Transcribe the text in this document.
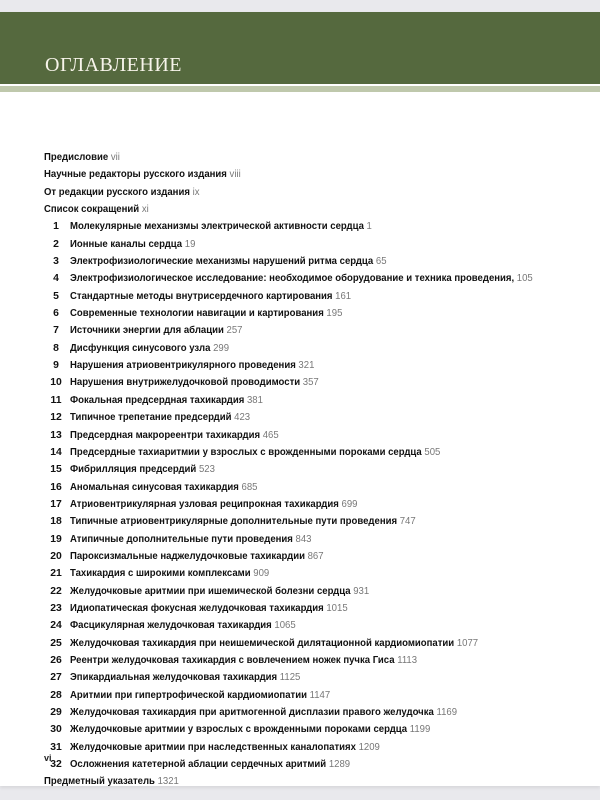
ОГЛАВЛЕНИЕ
Предисловие vii
Научные редакторы русского издания viii
От редакции русского издания ix
Список сокращений xi
1	Молекулярные механизмы электрической активности сердца 1
2	Ионные каналы сердца 19
3	Электрофизиологические механизмы нарушений ритма сердца 65
4	Электрофизиологическое исследование: необходимое оборудование и техника проведения, 105
5	Стандартные методы внутрисердечного картирования 161
6	Современные технологии навигации и картирования 195
7	Источники энергии для аблации 257
8	Дисфункция синусового узла 299
9	Нарушения атриовентрикулярного проведения 321
10 Нарушения внутрижелудочковой проводимости 357
11 Фокальная предсердная тахикардия 381
12 Типичное трепетание предсердий 423
13 Предсердная макрореентри тахикардия 465
14 Предсердные тахиаритмии у взрослых с врожденными пороками сердца 505
15 Фибрилляция предсердий 523
16 Аномальная синусовая тахикардия 685
17 Атриовентрикулярная узловая реципрокная тахикардия 699
18 Типичные атриовентрикулярные дополнительные пути проведения 747
19 Атипичные дополнительные пути проведения 843
20 Пароксизмальные наджелудочковые тахикардии 867
21 Тахикардия с широкими комплексами 909
22 Желудочковые аритмии при ишемической болезни сердца 931
23 Идиопатическая фокусная желудочковая тахикардия 1015
24 Фасцикулярная желудочковая тахикардия 1065
25 Желудочковая тахикардия при неишемической дилятационной кардиомиопатии 1077
26 Реентри желудочковая тахикардия с вовлечением ножек пучка Гиса 1113
27 Эпикардиальная желудочковая тахикардия 1125
28 Аритмии при гипертрофической кардиомиопатии 1147
29 Желудочковая тахикардия при аритмогенной дисплазии правого желудочка 1169
30 Желудочковые аритмии у взрослых с врожденными пороками сердца 1199
31 Желудочковые аритмии при наследственных каналопатиях 1209
32 Осложнения катетерной аблации сердечных аритмий 1289
Предметный указатель 1321
vi
